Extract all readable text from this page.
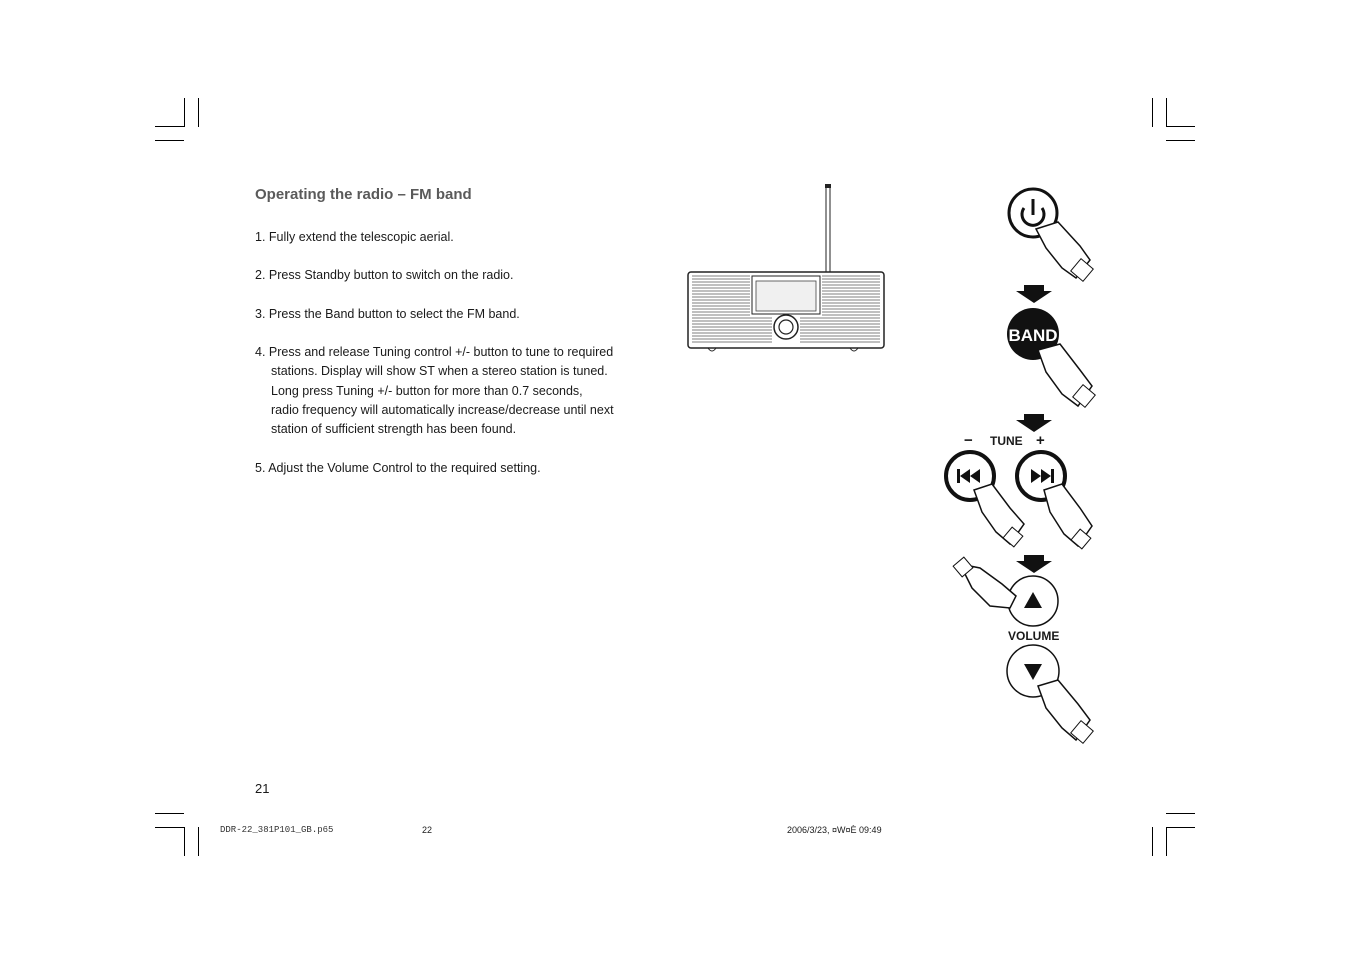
Operating the radio – FM band
1. Fully extend the telescopic aerial.
2. Press Standby button to switch on the radio.
3. Press the Band button to select the FM band.
4. Press and release Tuning control +/- button to tune to required
stations. Display will show ST when a stereo station is tuned.
Long press Tuning +/- button for more than 0.7 seconds,
radio frequency will automatically increase/decrease until next
station of sufficient strength has been found.
5. Adjust the Volume Control to the required setting.
BAND
− TUNE +
VOLUME
21
DDR-22_381P101_GB.p65	22	2006/3/23, ¤W¤È 09:49
